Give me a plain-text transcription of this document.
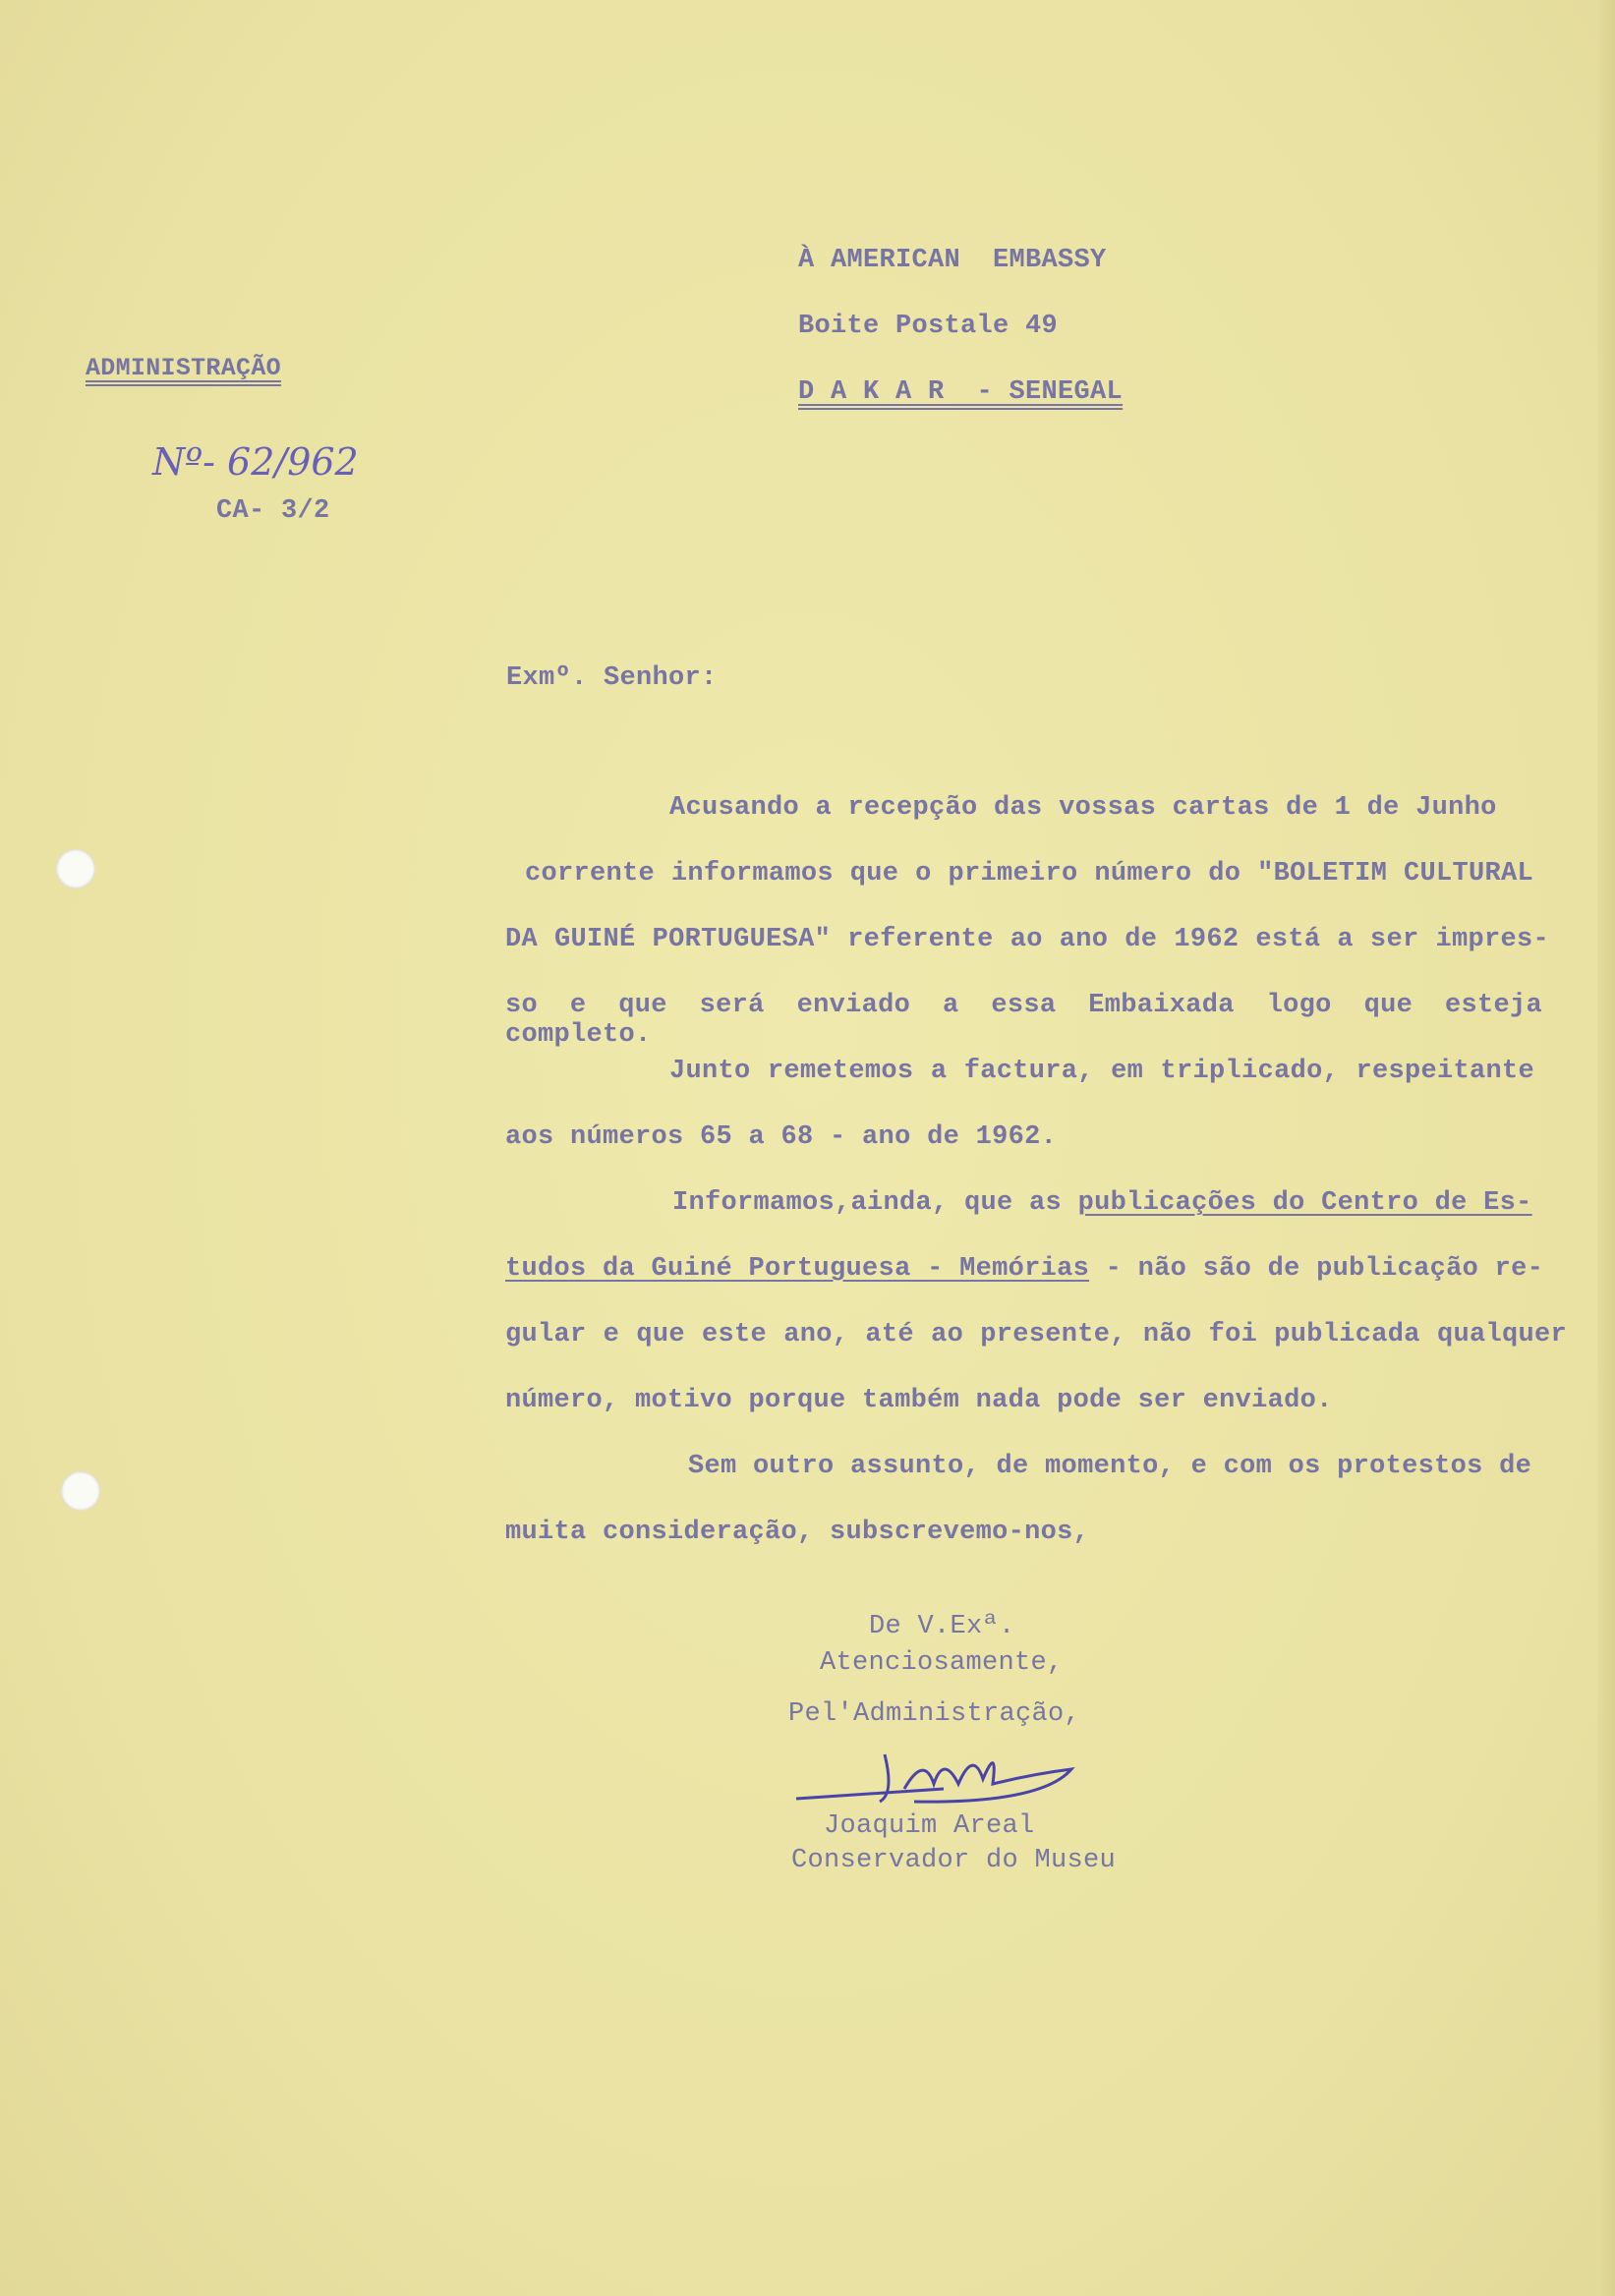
À AMERICAN  EMBASSY
Boite Postale 49
D A K A R  - SENEGAL
ADMINISTRAÇÃO
Nº- 62/962
CA- 3/2
Exmº. Senhor:
Acusando a recepção das vossas cartas de 1 de Junho
corrente informamos que o primeiro número do "BOLETIM CULTURAL
DA GUINÉ PORTUGUESA" referente ao ano de 1962 está a ser impres-
so e que será enviado a essa Embaixada logo que esteja completo.
Junto remetemos a factura, em triplicado, respeitante
aos números 65 a 68 - ano de 1962.
Informamos,ainda, que as publicações do Centro de Es-
tudos da Guiné Portuguesa - Memórias - não são de publicação re-
gular e que este ano, até ao presente, não foi publicada qualquer
número, motivo porque também nada pode ser enviado.
Sem outro assunto, de momento, e com os protestos de
muita consideração, subscrevemo-nos,
De V.Exª.
Atenciosamente,
Pel'Administração,
Joaquim Areal
Conservador do Museu
